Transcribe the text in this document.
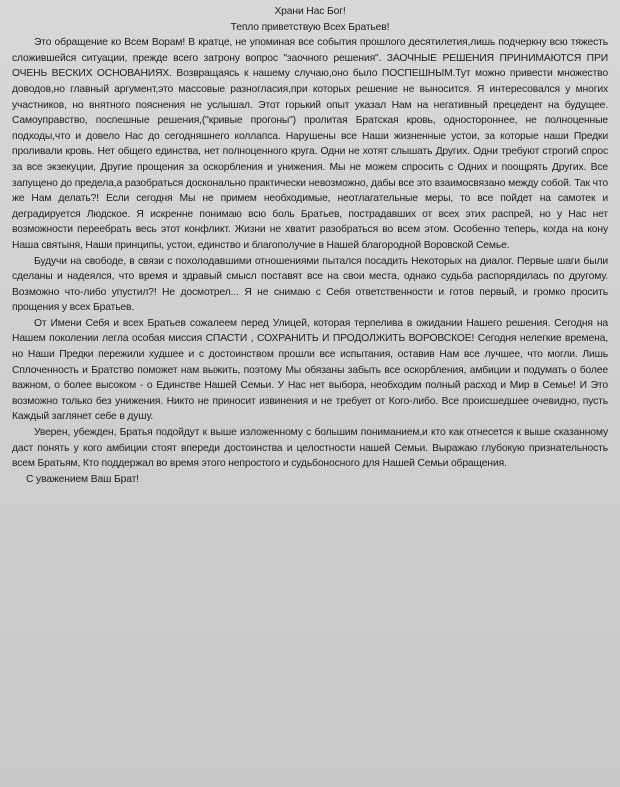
Храни Нас Бог!
Тепло приветствую Всех Братьев!

Это обращение ко Всем Ворам! В кратце, не упоминая все события прошлого десятилетия,лишь подчеркну всю тяжесть сложившейся ситуации, прежде всего затрону вопрос "заочного решения". ЗАОЧНЫЕ РЕШЕНИЯ ПРИНИМАЮТСЯ ПРИ ОЧЕНЬ ВЕСКИХ ОСНОВАНИЯХ. Возвращаясь к нашему случаю,оно было ПОСПЕШНЫМ.Тут можно привести множество доводов,но главный аргумент,это массовые разногласия,при которых решение не выносится. Я интересовался у многих участников, но внятного пояснения не услышал. Этот горький опыт указал Нам на негативный прецедент на будущее. Самоуправство, поспешные решения,("кривые прогоны") пролитая Братская кровь, одностороннее, не полноценные подходы,что и довело Нас до сегодняшнего коллапса. Нарушены все Наши жизненные устои, за которые наши Предки проливали кровь. Нет общего единства, нет полноценного круга. Одни не хотят слышать Других. Одни требуют строгий спрос за все экзекуции, Другие прощения за оскорбления и унижения. Мы не можем спросить с Одних и поощрять Других. Все запущено до предела,а разобраться досконально практически невозможно, дабы все это взаимосвязано между собой. Так что же Нам делать?! Если сегодня Мы не примем необходимые, неотлагательные меры, то все пойдет на самотек и деградируется Людское. Я искренне понимаю всю боль Братьев, пострадавших от всех этих распрей, но у Нас нет возможности переебрать весь этот конфликт. Жизни не хватит разобраться во всем этом. Особенно теперь, когда на кону Наша святыня, Наши принципы, устои, единство и благополучие в Нашей благородной Воровской Семье.

Будучи на свободе, в связи с похолодавшими отношениями пытался посадить Некоторых на диалог. Первые шаги были сделаны и надеялся, что время и здравый смысл поставят все на свои места, однако судьба распорядилась по другому. Возможно что-либо упустил?! Не досмотрел... Я не снимаю с Себя ответственности и готов первый, и громко просить прощения у всех Братьев.

От Имени Себя и всех Братьев сожалеем перед Улицей, которая терпелива в ожидании Нашего решения. Сегодня на Нашем поколении легла особая миссия СПАСТИ , СОХРАНИТЬ И ПРОДОЛЖИТЬ ВОРОВСКОЕ! Сегодня нелегкие времена, но Наши Предки пережили худшее и с достоинством прошли все испытания, оставив Нам все лучшее, что могли. Лишь Сплоченность и Братство поможет нам выжить, поэтому Мы обязаны забыть все оскорбления, амбиции и подумать о более важном, о более высоком - о Единстве Нашей Семьи. У Нас нет выбора, необходим полный расход и Мир в Семье! И Это возможно только без унижения. Никто не приносит извинения и не требует от Кого-либо. Все происшедшее очевидно, пусть Каждый заглянет себе в душу.

Уверен, убежден, Братья подойдут к выше изложенному с большим пониманием,и кто как отнесется к выше сказанному даст понять у кого амбиции стоят впереди достоинства и целостности нашей Семьи. Выражаю глубокую признательность всем Братьям, Кто поддержал во время этого непростого и судьбоносного для Нашей Семьи обращения.

С уважением Ваш Брат!
